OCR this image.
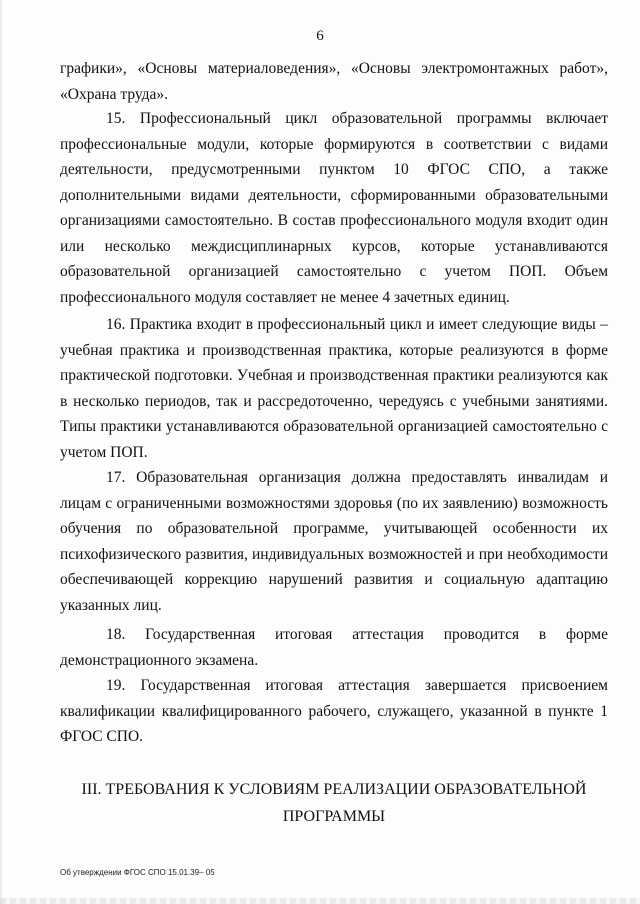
6

графики», «Основы материаловедения», «Основы электромонтажных работ», «Охрана труда».

15. Профессиональный цикл образовательной программы включает профессиональные модули, которые формируются в соответствии с видами деятельности, предусмотренными пунктом 10 ФГОС СПО, а также дополнительными видами деятельности, сформированными образовательными организациями самостоятельно. В состав профессионального модуля входит один или несколько междисциплинарных курсов, которые устанавливаются образовательной организацией самостоятельно с учетом ПОП. Объем профессионального модуля составляет не менее 4 зачетных единиц.

16. Практика входит в профессиональный цикл и имеет следующие виды – учебная практика и производственная практика, которые реализуются в форме практической подготовки. Учебная и производственная практики реализуются как в несколько периодов, так и рассредоточенно, чередуясь с учебными занятиями. Типы практики устанавливаются образовательной организацией самостоятельно с учетом ПОП.

17. Образовательная организация должна предоставлять инвалидам и лицам с ограниченными возможностями здоровья (по их заявлению) возможность обучения по образовательной программе, учитывающей особенности их психофизического развития, индивидуальных возможностей и при необходимости обеспечивающей коррекцию нарушений развития и социальную адаптацию указанных лиц.

18. Государственная итоговая аттестация проводится в форме демонстрационного экзамена.

19. Государственная итоговая аттестация завершается присвоением квалификации квалифицированного рабочего, служащего, указанной в пункте 1 ФГОС СПО.

III. ТРЕБОВАНИЯ К УСЛОВИЯМ РЕАЛИЗАЦИИ ОБРАЗОВАТЕЛЬНОЙ ПРОГРАММЫ
Об утверждении ФГОС СПО 15.01.39– 05
